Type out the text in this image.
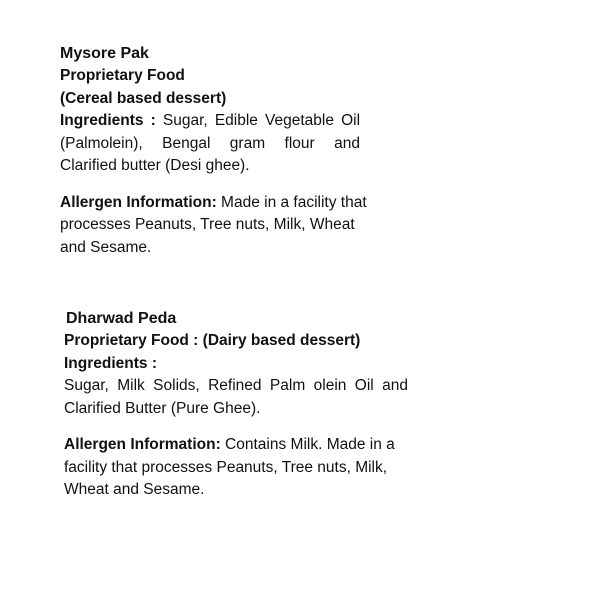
Mysore Pak
Proprietary Food
(Cereal based dessert)
Ingredients : Sugar, Edible Vegetable Oil (Palmolein), Bengal gram flour and Clarified butter (Desi ghee).
Allergen Information: Made in a facility that processes Peanuts, Tree nuts, Milk, Wheat and Sesame.
Dharwad Peda
Proprietary Food : (Dairy based dessert)
Ingredients :
Sugar, Milk Solids, Refined Palm olein Oil and Clarified Butter (Pure Ghee).
Allergen Information: Contains Milk. Made in a facility that processes Peanuts, Tree nuts, Milk, Wheat and Sesame.
